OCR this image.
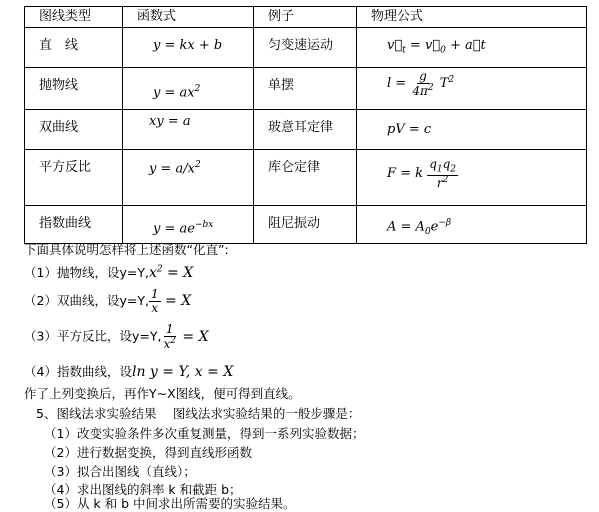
图线类型	函数式	例子	物理公式
直　线	y = kx + b	匀变速运动	$v⃗_t$ = $v⃗_0$ + a⃗t

抛物线	$y = ax^2$	单摆	$l = \frac{g}{4\pi^2} T^2$

双曲线	xy = a	玻意耳定律	pV = c

平方反比	$y = a/x^2$	库仑定律	F = k $\frac{q_1q_2}{r^2}$

指数曲线	$y = ae^{-bx}$	阻尼振动	$A = A_0e^{-\beta}$
下面具体说明怎样将上述函数“化直”:
（1）抛物线，设$y=Y,x^2 = X$
（2）双曲线，设y=Y, $\frac{1}{x} = X$
（3）平方反比，设y=Y, $\frac{1}{x^2} = X$
（4）指数曲线，设ln y = Y, x = X
作了上列变换后，再作Y∼X图线，便可得到直线。
5、图线法求实验结果　 图线法求实验结果的一般步骤是：
（1）改变实验条件多次重复测量，得到一系列实验数据；
（2）进行数据变换，得到直线形函数
（3）拟合出图线（直线）；
（4）求出图线的斜率 k 和截距 b；
（5）从 k 和 b 中间求出所需要的实验结果。
